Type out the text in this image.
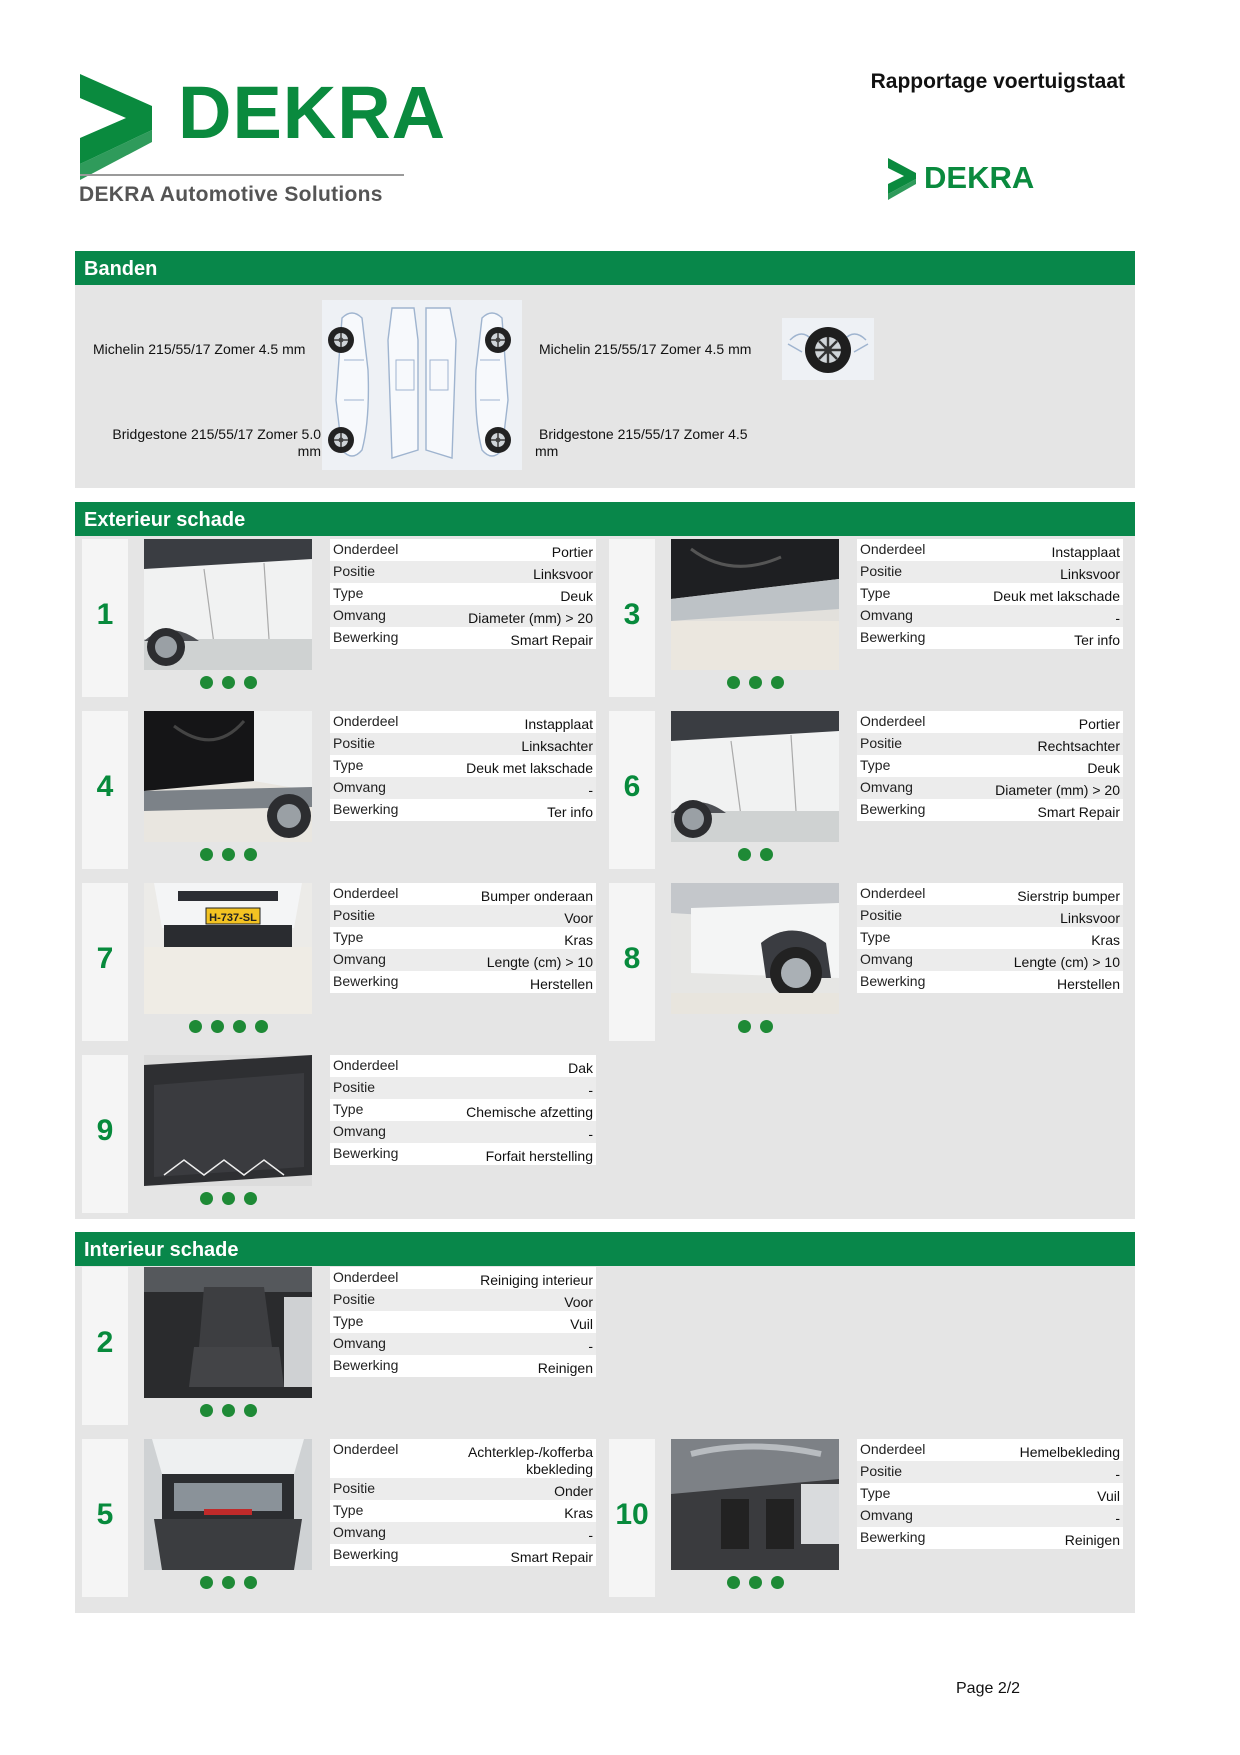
DEKRA
DEKRA Automotive Solutions
Rapportage voertuigstaat
DEKRA
Banden
Michelin 215/55/17 Zomer 4.5 mm
Bridgestone 215/55/17 Zomer 5.0
mm
Michelin 215/55/17 Zomer 4.5 mm
Bridgestone 215/55/17 Zomer 4.5
mm
Exterieur schade
Interieur schade
1
Onderdeel	Portier
Positie	Linksvoor
Type	Deuk
Omvang	Diameter (mm) > 20
Bewerking	Smart Repair
3
Onderdeel	Instapplaat
Positie	Linksvoor
Type	Deuk met lakschade
Omvang	-
Bewerking	Ter info
4
Onderdeel	Instapplaat
Positie	Linksachter
Type	Deuk met lakschade
Omvang	-
Bewerking	Ter info
6
Onderdeel	Portier
Positie	Rechtsachter
Type	Deuk
Omvang	Diameter (mm) > 20
Bewerking	Smart Repair
7
H-737-SL
Onderdeel	Bumper onderaan
Positie	Voor
Type	Kras
Omvang	Lengte (cm) > 10
Bewerking	Herstellen
8
Onderdeel	Sierstrip bumper
Positie	Linksvoor
Type	Kras
Omvang	Lengte (cm) > 10
Bewerking	Herstellen
9
Onderdeel	Dak
Positie	-
Type	Chemische afzetting
Omvang	-
Bewerking	Forfait herstelling
2
Onderdeel	Reiniging interieur
Positie	Voor
Type	Vuil
Omvang	-
Bewerking	Reinigen
5
Onderdeel	Achterklep-/kofferbakbekleding
Positie	Onder
Type	Kras
Omvang	-
Bewerking	Smart Repair
10
Onderdeel	Hemelbekleding
Positie	-
Type	Vuil
Omvang	-
Bewerking	Reinigen
Page 2/2
